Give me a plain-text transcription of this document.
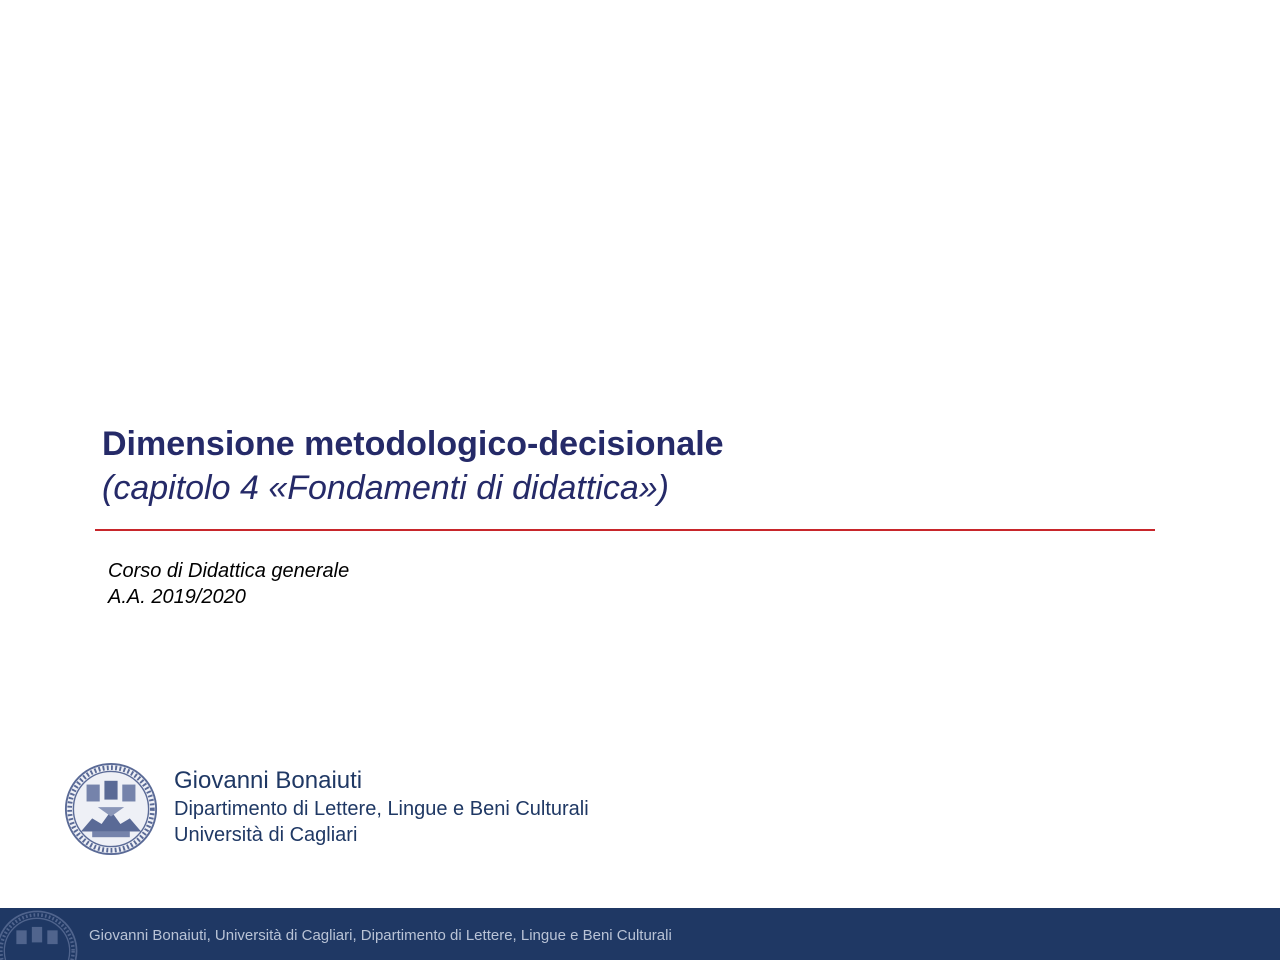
Dimensione metodologico-decisionale
(capitolo 4 «Fondamenti di didattica»)
Corso di Didattica generale
A.A. 2019/2020
Giovanni Bonaiuti
Dipartimento di Lettere, Lingue e Beni Culturali
Università di Cagliari
Giovanni Bonaiuti, Università di Cagliari, Dipartimento di Lettere, Lingue e Beni Culturali
